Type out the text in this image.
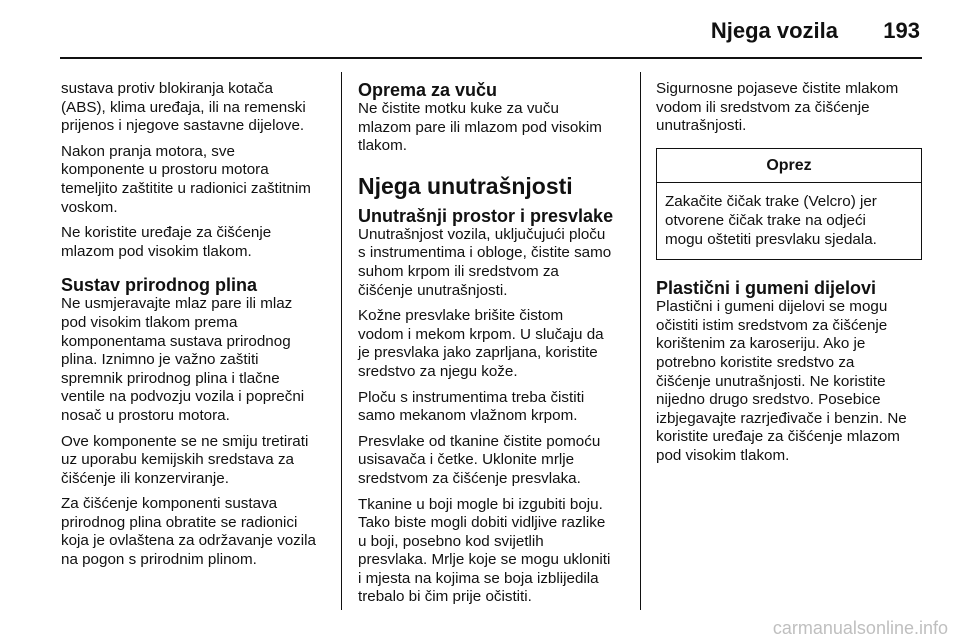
Njega vozila 193

sustava protiv blokiranja kotača
(ABS), klima uređaja, ili na remenski
prijenos i njegove sastavne dijelove.

Nakon pranja motora, sve
komponente u prostoru motora
temeljito zaštitite u radionici zaštitnim
voskom.

Ne koristite uređaje za čišćenje
mlazom pod visokim tlakom.

Sustav prirodnog plina

Ne usmjeravajte mlaz pare ili mlaz
pod visokim tlakom prema
komponentama sustava prirodnog
plina. Iznimno je važno zaštiti
spremnik prirodnog plina i tlačne
ventile na podvozju vozila i poprečni
nosač u prostoru motora.

Ove komponente se ne smiju tretirati
uz uporabu kemijskih sredstava za
čišćenje ili konzerviranje.

Za čišćenje komponenti sustava
prirodnog plina obratite se radionici
koja je ovlaštena za održavanje vozila
na pogon s prirodnim plinom.

Oprema za vuču

Ne čistite motku kuke za vuču
mlazom pare ili mlazom pod visokim
tlakom.

Njega unutrašnjosti
Unutrašnji prostor i presvlake

Unutrašnjost vozila, uključujući ploču
s instrumentima i obloge, čistite samo
suhom krpom ili sredstvom za
čišćenje unutrašnjosti.

Kožne presvlake brišite čistom
vodom i mekom krpom. U slučaju da
je presvlaka jako zaprljana, koristite
sredstvo za njegu kože.

Ploču s instrumentima treba čistiti
samo mekanom vlažnom krpom.

Presvlake od tkanine čistite pomoću
usisavača i četke. Uklonite mrlje
sredstvom za čišćenje presvlaka.

Tkanine u boji mogle bi izgubiti boju.
Tako biste mogli dobiti vidljive razlike
u boji, posebno kod svijetlih
presvlaka. Mrlje koje se mogu ukloniti
i mjesta na kojima se boja izblijedila
trebalo bi čim prije očistiti.

Sigurnosne pojaseve čistite mlakom
vodom ili sredstvom za čišćenje
unutrašnjosti.

Oprez
Zakačite čičak trake (Velcro) jer
otvorene čičak trake na odjeći
mogu oštetiti presvlaku sjedala.
Plastični i gumeni dijelovi

Plastični i gumeni dijelovi se mogu
očistiti istim sredstvom za čišćenje
korištenim za karoseriju. Ako je
potrebno koristite sredstvo za
čišćenje unutrašnjosti. Ne koristite
nijedno drugo sredstvo. Posebice
izbjegavajte razrjeđivače i benzin. Ne
koristite uređaje za čišćenje mlazom
pod visokim tlakom.

carmanualsonline.info
